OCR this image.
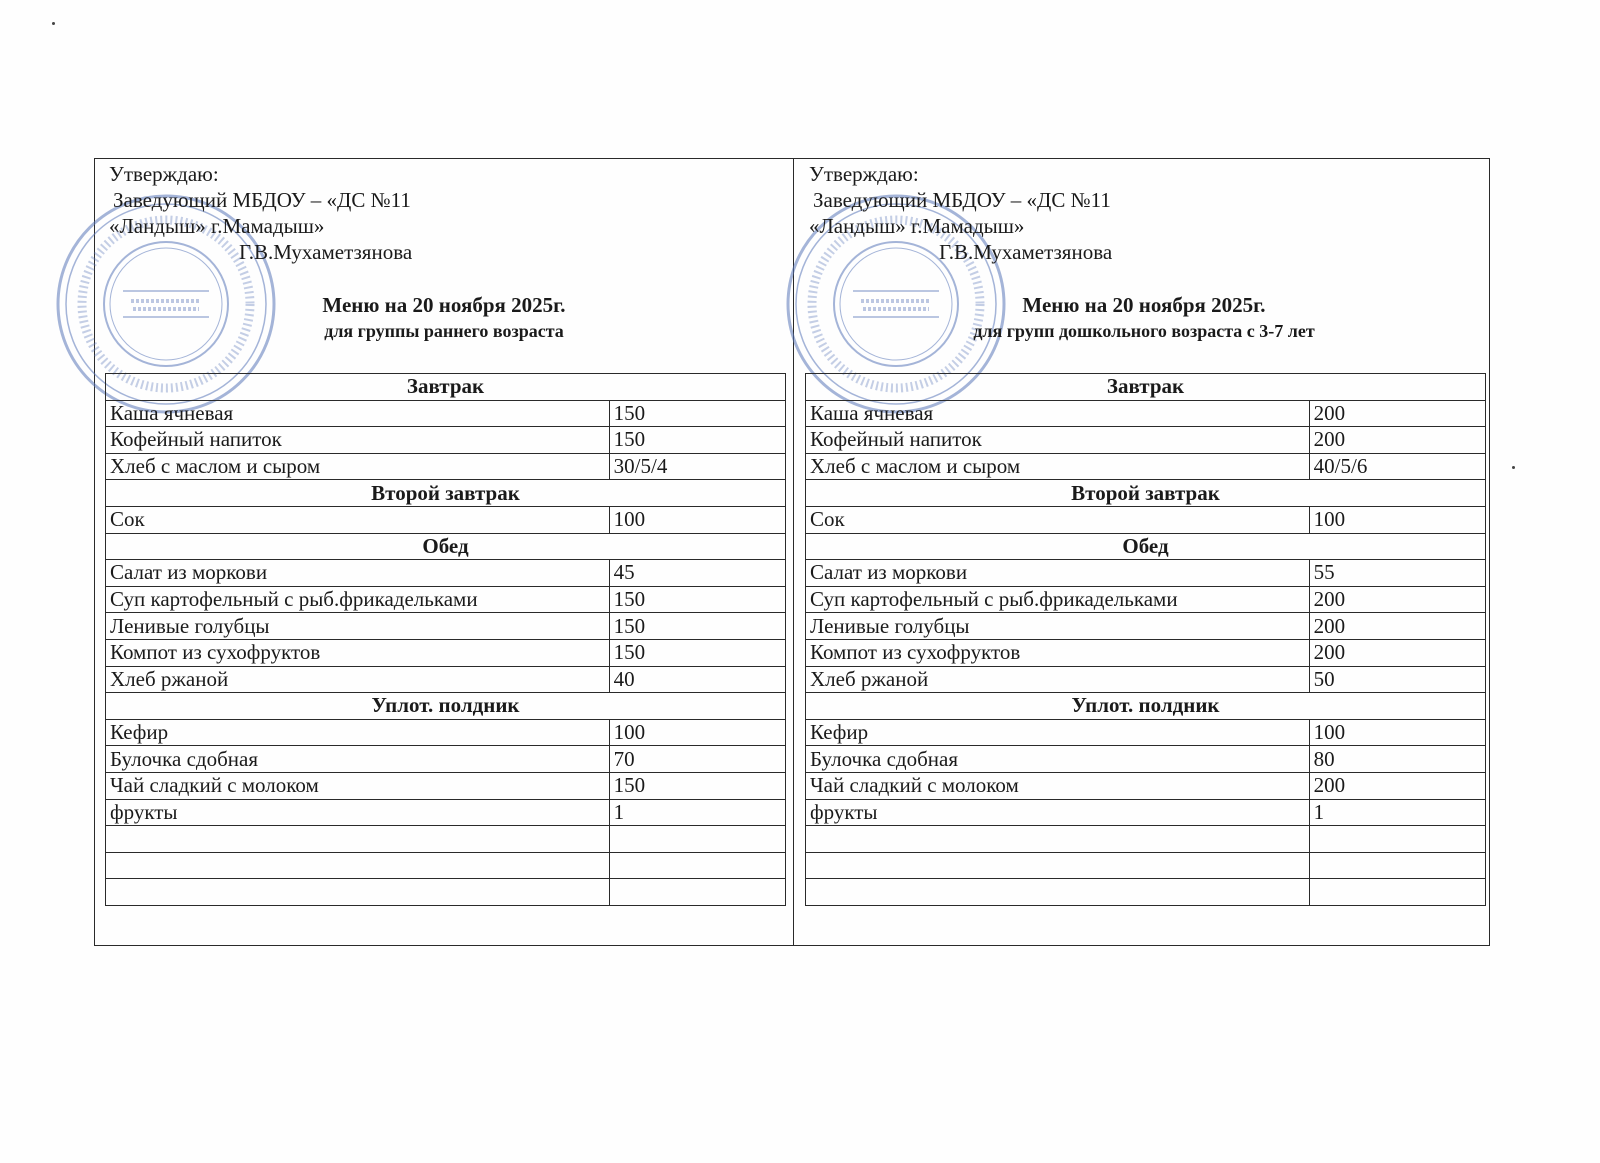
Утверждаю:
Заведующий МБДОУ – «ДС №11
«Ландыш» г.Мамадыш»
Г.В.Мухаметзянова
Меню на 20 ноября 2025г.
для группы раннего возраста
Завтрак	
Каша ячневая	150
Кофейный напиток	150
Хлеб с маслом и сыром	30/5/4
Второй завтрак	
Сок	100
Обед	
Салат из моркови	45
Суп картофельный с рыб.фрикадельками	150
Ленивые голубцы	150
Компот из сухофруктов	150
Хлеб ржаной	40
Уплот. полдник	
Кефир	100
Булочка сдобная	70
Чай сладкий с молоком	150
фрукты	1

Утверждаю:
Заведующий МБДОУ – «ДС №11
«Ландыш» г.Мамадыш»
Г.В.Мухаметзянова
Меню на 20 ноября 2025г.
для групп дошкольного возраста с 3-7 лет
Завтрак	
Каша ячневая	200
Кофейный напиток	200
Хлеб с маслом и сыром	40/5/6
Второй завтрак	
Сок	100
Обед	
Салат из моркови	55
Суп картофельный с рыб.фрикадельками	200
Ленивые голубцы	200
Компот из сухофруктов	200
Хлеб ржаной	50
Уплот. полдник	
Кефир	100
Булочка сдобная	80
Чай сладкий с молоком	200
фрукты	1
